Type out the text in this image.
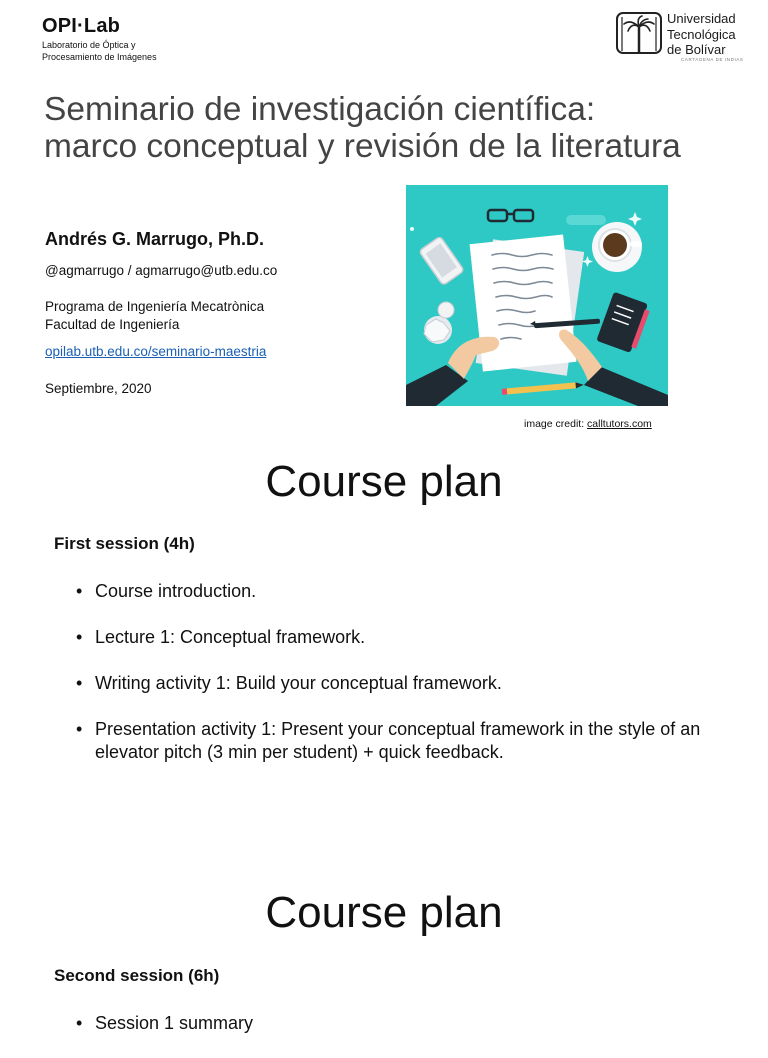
OPI·Lab
Laboratorio de Óptica y
Procesamiento de Imágenes
Universidad
Tecnológica
de Bolívar
CARTAGENA DE INDIAS
Seminario de investigación científica: marco conceptual y revisión de la literatura
Andrés G. Marrugo, Ph.D.
@agmarrugo / agmarrugo@utb.edu.co
Programa de Ingeniería Mecatrònica
Facultad de Ingeniería
opilab.utb.edu.co/seminario-maestria
Septiembre, 2020
image credit: calltutors.com
Course plan
First session (4h)
• Course introduction.
• Lecture 1: Conceptual framework.
• Writing activity 1: Build your conceptual framework.
• Presentation activity 1: Present your conceptual framework in the style of an elevator pitch (3 min per student) + quick feedback.
Course plan
Second session (6h)
• Session 1 summary
